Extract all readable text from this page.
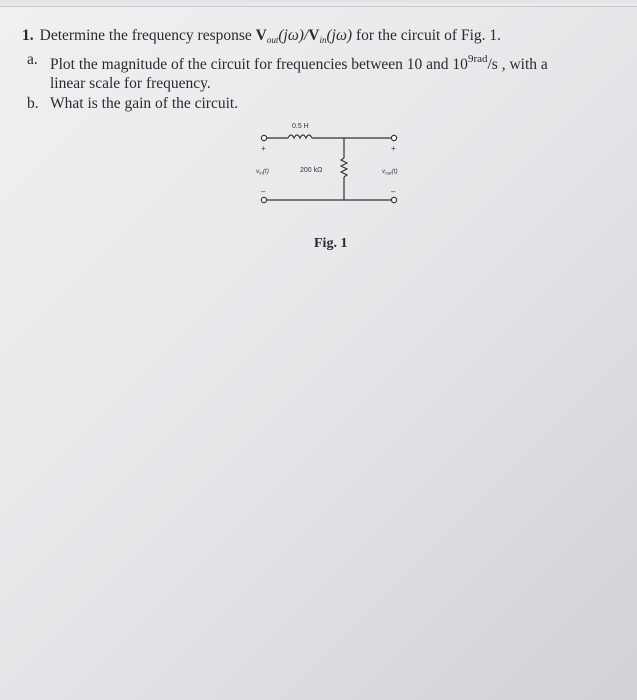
1. Determine the frequency response Vout(jω)/Vin(jω) for the circuit of Fig. 1.
a. Plot the magnitude of the circuit for frequencies between 10 and $10^{9rad}/s$ , with a
linear scale for frequency.
b. What is the gain of the circuit.
0.5 H
200 kΩ
+
–
+
–
$v_{in}(t)$	$v_{out}(t)$
Fig. 1
